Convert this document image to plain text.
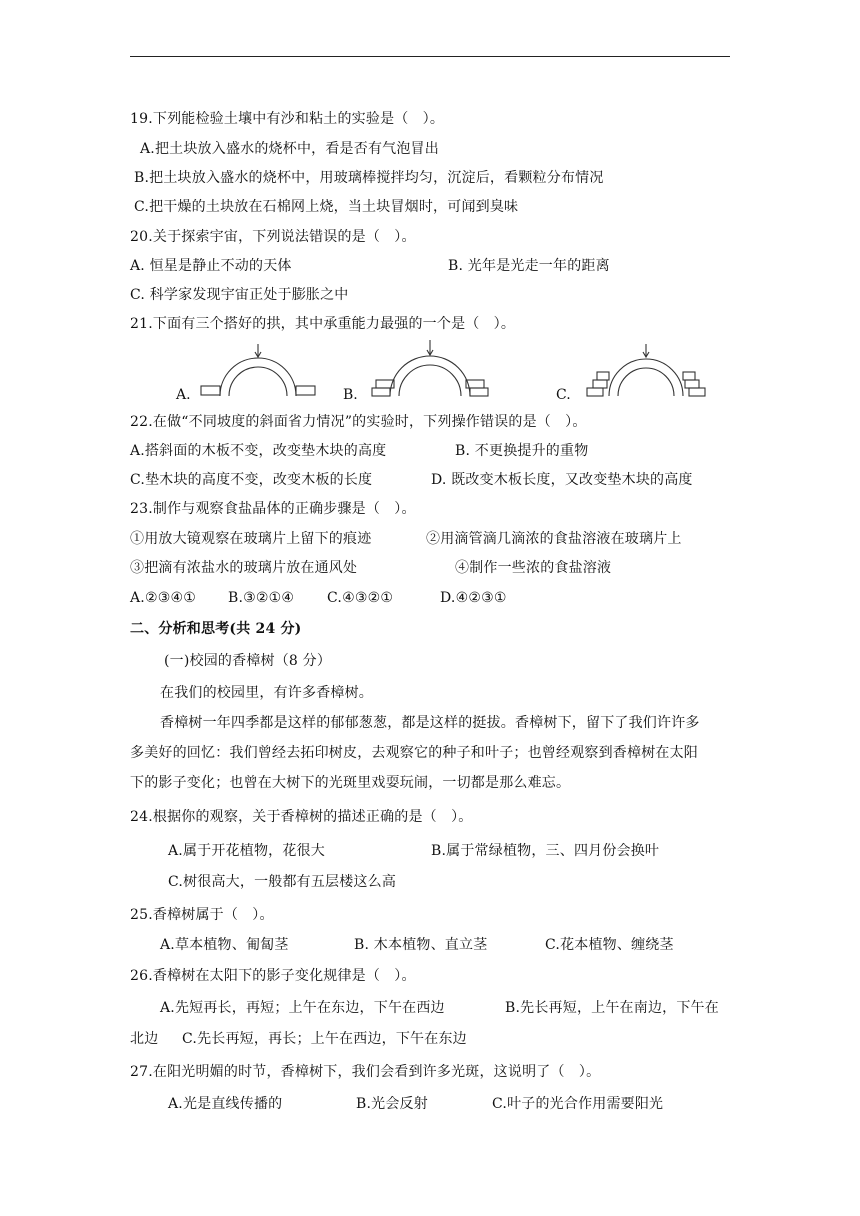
19.下列能检验土壤中有沙和粘土的实验是（　）。
A.把土块放入盛水的烧杯中，看是否有气泡冒出
B.把土块放入盛水的烧杯中，用玻璃棒搅拌均匀，沉淀后，看颗粒分布情况
C.把干燥的土块放在石棉网上烧，当土块冒烟时，可闻到臭味
20.关于探索宇宙，下列说法错误的是（　）。
A. 恒星是静止不动的天体	B. 光年是光走一年的距离
C. 科学家发现宇宙正处于膨胀之中
21.下面有三个搭好的拱，其中承重能力最强的一个是（　）。
A.	B.	C.
22.在做“不同坡度的斜面省力情况”的实验时，下列操作错误的是（　）。
A.搭斜面的木板不变，改变垫木块的高度	B. 不更换提升的重物
C.垫木块的高度不变，改变木板的长度	D. 既改变木板长度，又改变垫木块的高度
23.制作与观察食盐晶体的正确步骤是（　）。
①用放大镜观察在玻璃片上留下的痕迹	②用滴管滴几滴浓的食盐溶液在玻璃片上
③把滴有浓盐水的玻璃片放在通风处	④制作一些浓的食盐溶液
A.②③④① B.③②①④ C.④③②①	D.④②③①
二、分析和思考(共 24 分)
(一)校园的香樟树（8 分）
在我们的校园里，有许多香樟树。
香樟树一年四季都是这样的郁郁葱葱，都是这样的挺拔。香樟树下，留下了我们许许多
多美好的回忆：我们曾经去拓印树皮，去观察它的种子和叶子；也曾经观察到香樟树在太阳
下的影子变化；也曾在大树下的光斑里戏耍玩闹，一切都是那么难忘。
24.根据你的观察，关于香樟树的描述正确的是（　）。
A.属于开花植物，花很大	B.属于常绿植物，三、四月份会换叶
C.树很高大，一般都有五层楼这么高
25.香樟树属于（　）。
A.草本植物、匍匐茎	B. 木本植物、直立茎	C.花本植物、缠绕茎
26.香樟树在太阳下的影子变化规律是（　）。
A.先短再长，再短；上午在东边，下午在西边	B.先长再短，上午在南边，下午在
北边 C.先长再短，再长；上午在西边，下午在东边
27.在阳光明媚的时节，香樟树下，我们会看到许多光斑，这说明了（　）。
A.光是直线传播的	B.光会反射	C.叶子的光合作用需要阳光
